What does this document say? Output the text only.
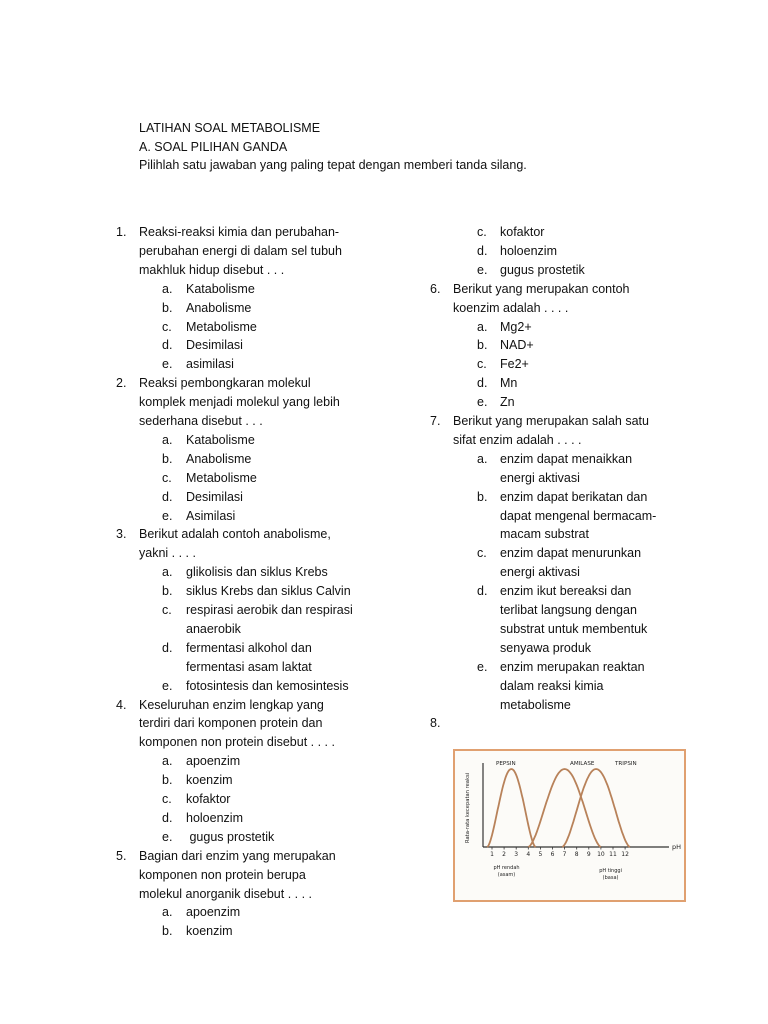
LATIHAN SOAL METABOLISME
A. SOAL PILIHAN GANDA
Pilihlah satu jawaban yang paling tepat dengan memberi tanda silang.
1. Reaksi-reaksi kimia dan perubahan-
perubahan energi di dalam sel tubuh
makhluk hidup disebut . . .
a. Katabolisme
b. Anabolisme
c. Metabolisme
d. Desimilasi
e. asimilasi
2. Reaksi pembongkaran molekul
komplek menjadi molekul yang lebih
sederhana disebut . . .
a. Katabolisme
b. Anabolisme
c. Metabolisme
d. Desimilasi
e. Asimilasi
3. Berikut adalah contoh anabolisme,
yakni . . . .
a. glikolisis dan siklus Krebs
b. siklus Krebs dan siklus Calvin
c. respirasi aerobik dan respirasi
anaerobik
d. fermentasi alkohol dan
fermentasi asam laktat
e. fotosintesis dan kemosintesis
4. Keseluruhan enzim lengkap yang
terdiri dari komponen protein dan
komponen non protein disebut . . . .
a. apoenzim
b. koenzim
c. kofaktor
d. holoenzim
e. gugus prostetik
5. Bagian dari enzim yang merupakan
komponen non protein berupa
molekul anorganik disebut . . . .
a. apoenzim
b. koenzim
c. kofaktor
d. holoenzim
e. gugus prostetik
6. Berikut yang merupakan contoh
koenzim adalah . . . .
a. Mg2+
b. NAD+
c. Fe2+
d. Mn
e. Zn
7. Berikut yang merupakan salah satu
sifat enzim adalah . . . .
a. enzim dapat menaikkan
energi aktivasi
b. enzim dapat berikatan dan
dapat mengenal bermacam-
macam substrat
c. enzim dapat menurunkan
energi aktivasi
d. enzim ikut bereaksi dan
terlibat langsung dengan
substrat untuk membentuk
senyawa produk
e. enzim merupakan reaktan
dalam reaksi kimia
metabolisme
8.
Rata-rata kecepatan reaksi
1 2 3 4 5 6 7 8 9 10 11 12
pH
PEPSIN	AMILASE	TRIPSIN
pH rendah
(asam)
pH tinggi
(basa)
